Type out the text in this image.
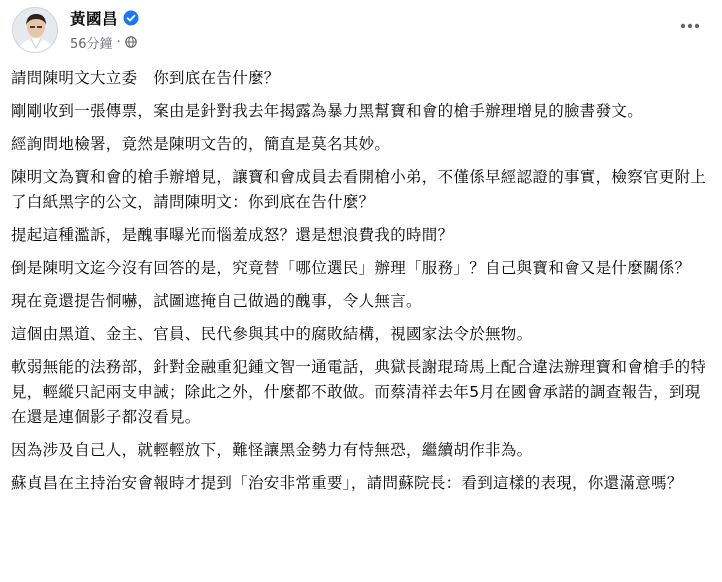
黃國昌
56分鐘 ·

請問陳明文大立委　你到底在告什麼？

剛剛收到一張傳票，案由是針對我去年揭露為暴力黑幫寶和會的槍手辦理增見的臉書發文。

經詢問地檢署，竟然是陳明文告的，簡直是莫名其妙。

陳明文為寶和會的槍手辦增見，讓寶和會成員去看開槍小弟，不僅係早經認證的事實，檢察官更附上了白紙黑字的公文，請問陳明文：你到底在告什麼？

提起這種濫訴，是醜事曝光而惱羞成怒？還是想浪費我的時間？

倒是陳明文迄今沒有回答的是，究竟替「哪位選民」辦理「服務」？自己與寶和會又是什麼關係？

現在竟還提告恫嚇，試圖遮掩自己做過的醜事，令人無言。

這個由黑道、金主、官員、民代參與其中的腐敗結構，視國家法令於無物。

軟弱無能的法務部，針對金融重犯鍾文智一通電話，典獄長謝琨琦馬上配合違法辦理寶和會槍手的特見，輕縱只記兩支申誡；除此之外，什麼都不敢做。而蔡清祥去年5月在國會承諾的調查報告，到現在還是連個影子都沒看見。

因為涉及自己人，就輕輕放下，難怪讓黑金勢力有恃無恐，繼續胡作非為。

蘇貞昌在主持治安會報時才提到「治安非常重要」，請問蘇院長：看到這樣的表現，你還滿意嗎？
